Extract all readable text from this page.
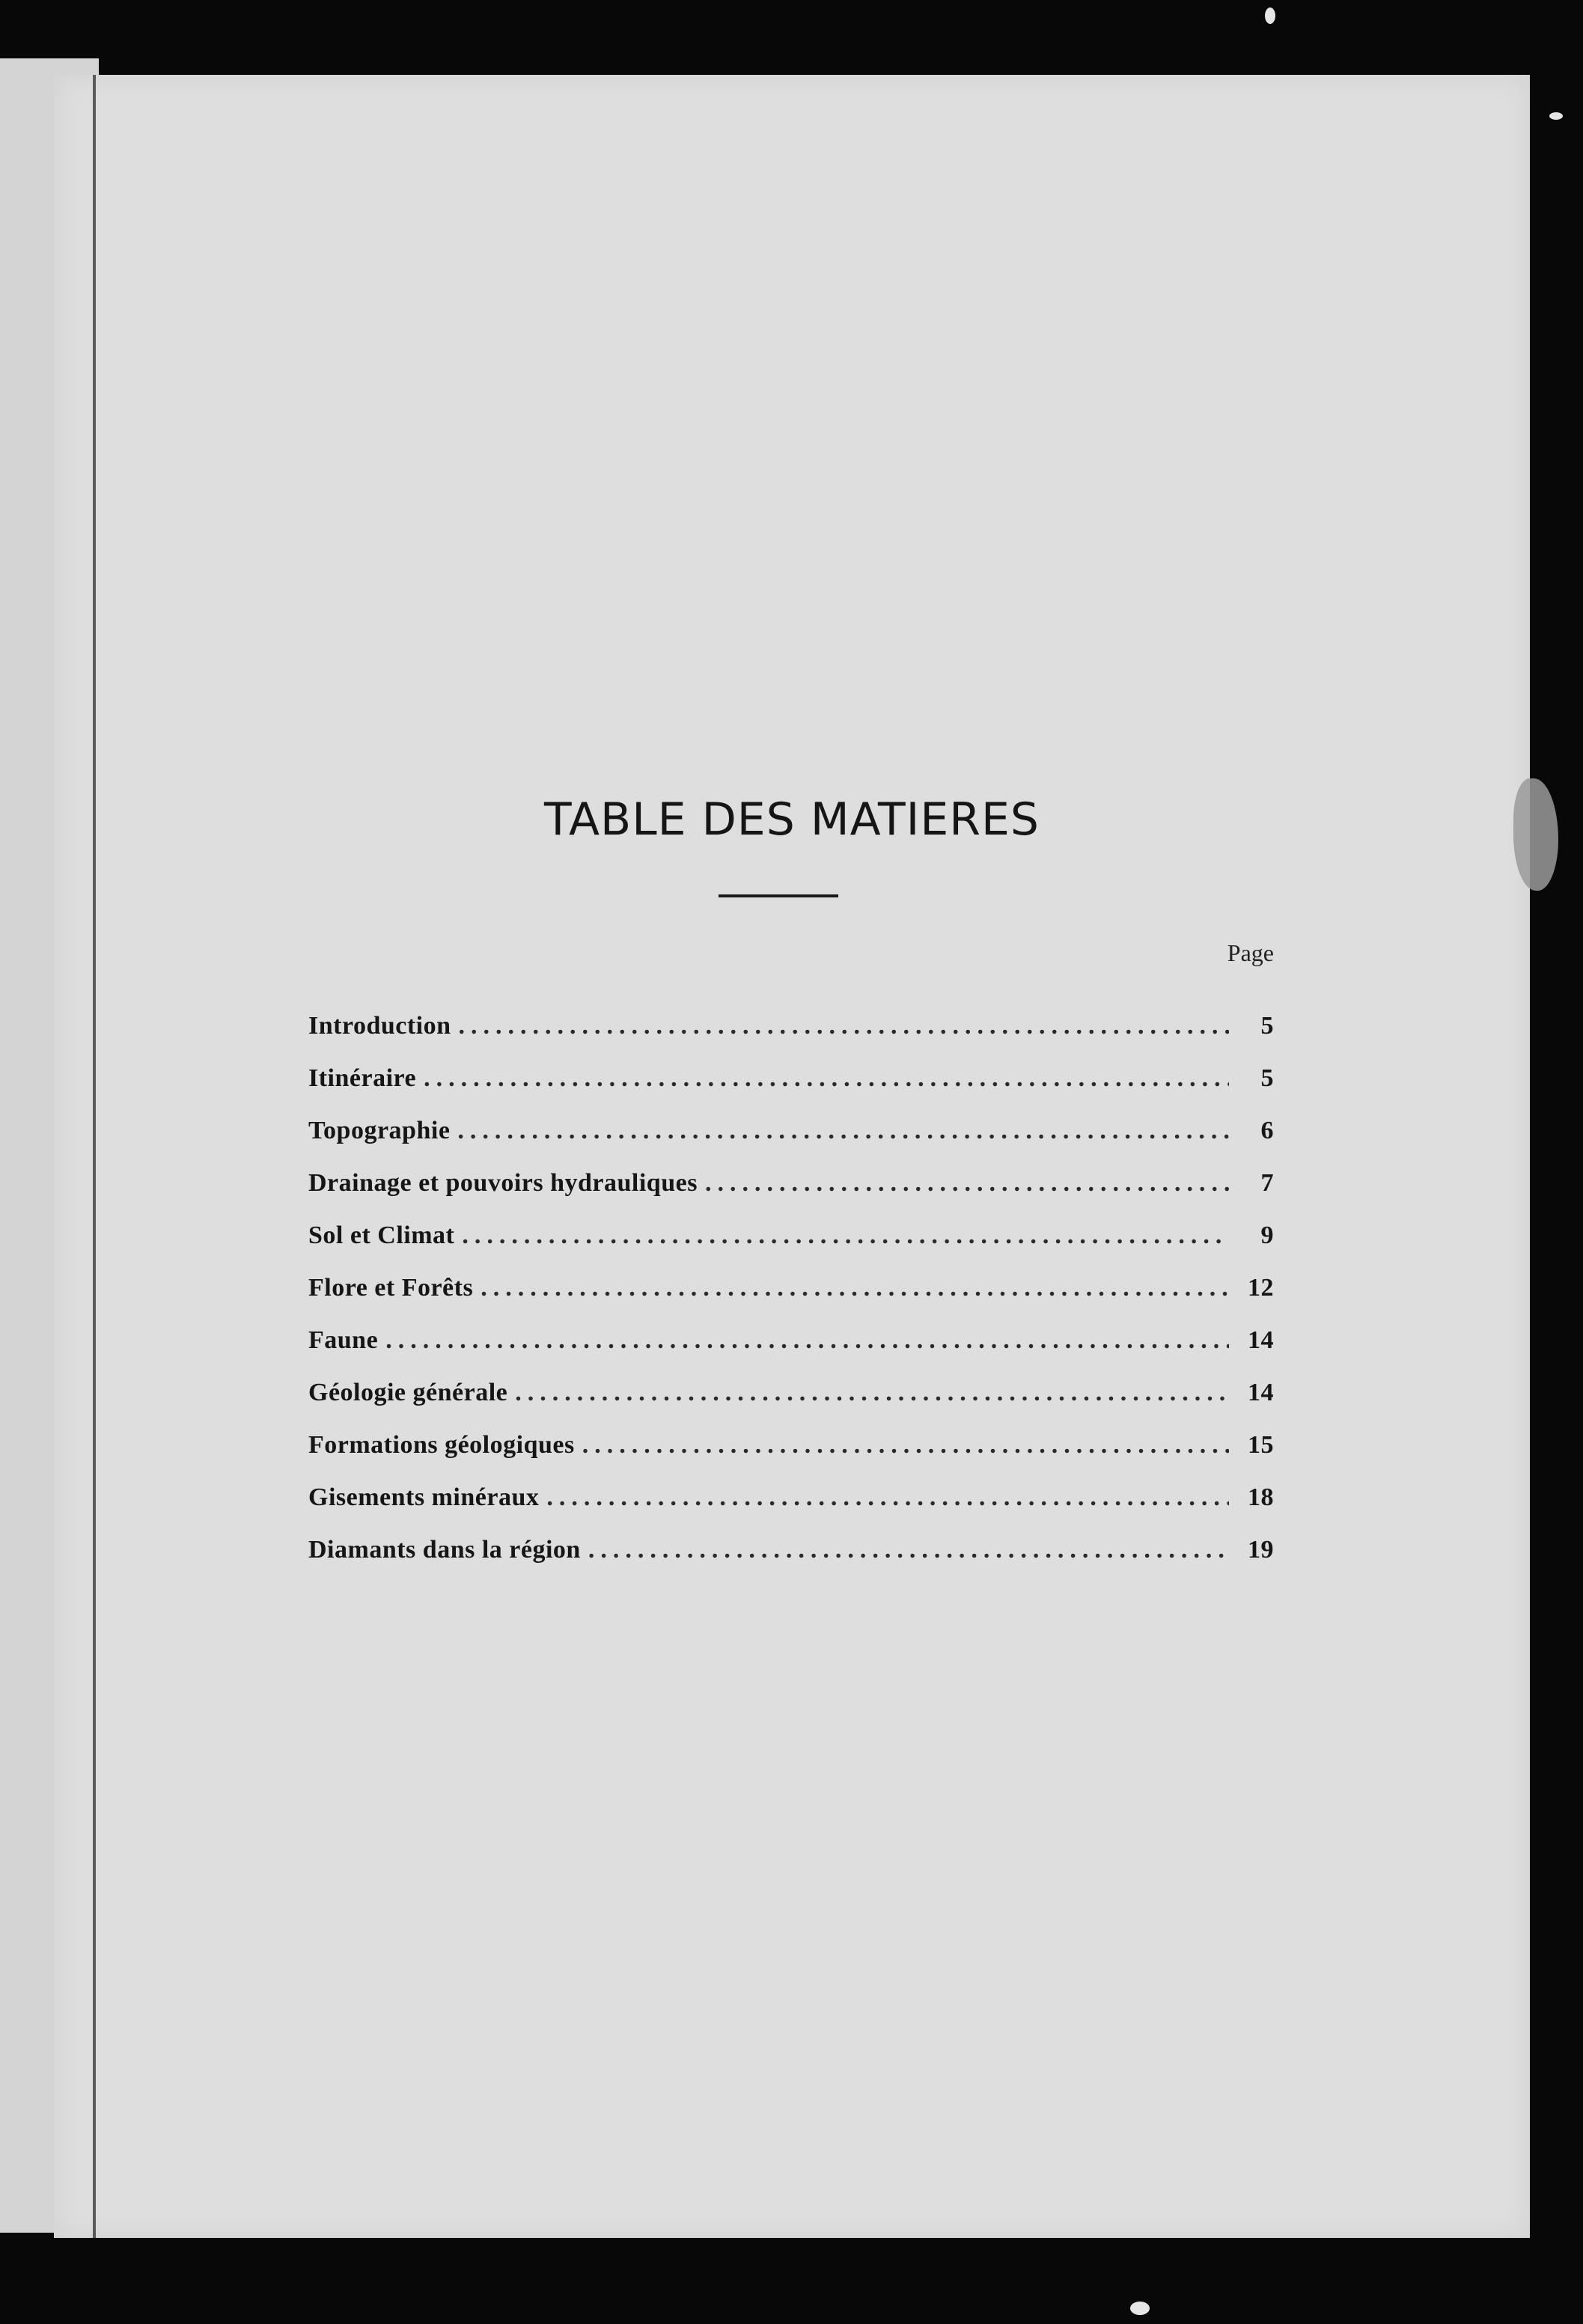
TABLE DES MATIERES
Page
Introduction .....	5
Itinéraire .....	5
Topographie .....	6
Drainage et pouvoirs hydrauliques .....	7
Sol et Climat .....	9
Flore et Forêts .....	12
Faune .....	14
Géologie générale .....	14
Formations géologiques .....	15
Gisements minéraux .....	18
Diamants dans la région .....	19
